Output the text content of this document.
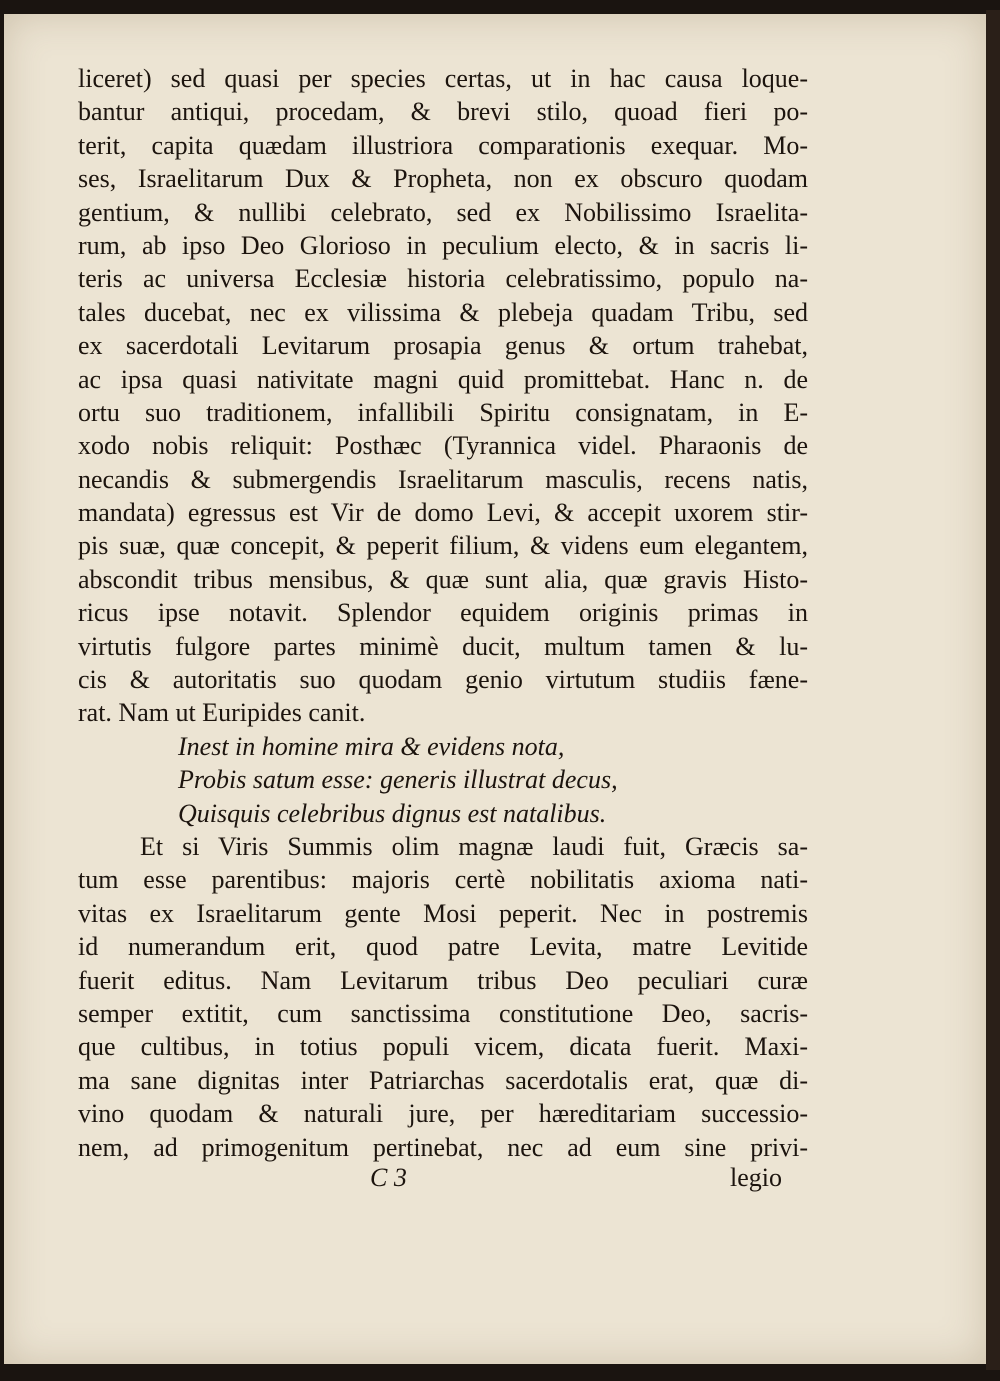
liceret) sed quasi per species certas, ut in hac causa loque-
bantur antiqui, procedam, & brevi stilo, quoad fieri po-
terit, capita quædam illustriora comparationis exequar. Mo-
ses, Israelitarum Dux & Propheta, non ex obscuro quodam
gentium, & nullibi celebrato, sed ex Nobilissimo Israelita-
rum, ab ipso Deo Glorioso in peculium electo, & in sacris li-
teris ac universa Ecclesiæ historia celebratissimo, populo na-
tales ducebat, nec ex vilissima & plebeja quadam Tribu, sed
ex sacerdotali Levitarum prosapia genus & ortum trahebat,
ac ipsa quasi nativitate magni quid promittebat. Hanc n. de
ortu suo traditionem, infallibili Spiritu consignatam, in E-
xodo nobis reliquit: Posthæc (Tyrannica videl. Pharaonis de
necandis & submergendis Israelitarum masculis, recens natis,
mandata) egressus est Vir de domo Levi, & accepit uxorem stir-
pis suæ, quæ concepit, & peperit filium, & videns eum elegantem,
abscondit tribus mensibus, & quæ sunt alia, quæ gravis Histo-
ricus ipse notavit. Splendor equidem originis primas in
virtutis fulgore partes minimè ducit, multum tamen & lu-
cis & autoritatis suo quodam genio virtutum studiis fæne-
rat. Nam ut Euripides canit.
Inest in homine mira & evidens nota,
Probis satum esse: generis illustrat decus,
Quisquis celebribus dignus est natalibus.
Et si Viris Summis olim magnæ laudi fuit, Græcis sa-
tum esse parentibus: majoris certè nobilitatis axioma nati-
vitas ex Israelitarum gente Mosi peperit. Nec in postremis
id numerandum erit, quod patre Levita, matre Levitide
fuerit editus. Nam Levitarum tribus Deo peculiari curæ
semper extitit, cum sanctissima constitutione Deo, sacris-
que cultibus, in totius populi vicem, dicata fuerit. Maxi-
ma sane dignitas inter Patriarchas sacerdotalis erat, quæ di-
vino quodam & naturali jure, per hæreditariam successio-
nem, ad primogenitum pertinebat, nec ad eum sine privi-
C 3	legio
